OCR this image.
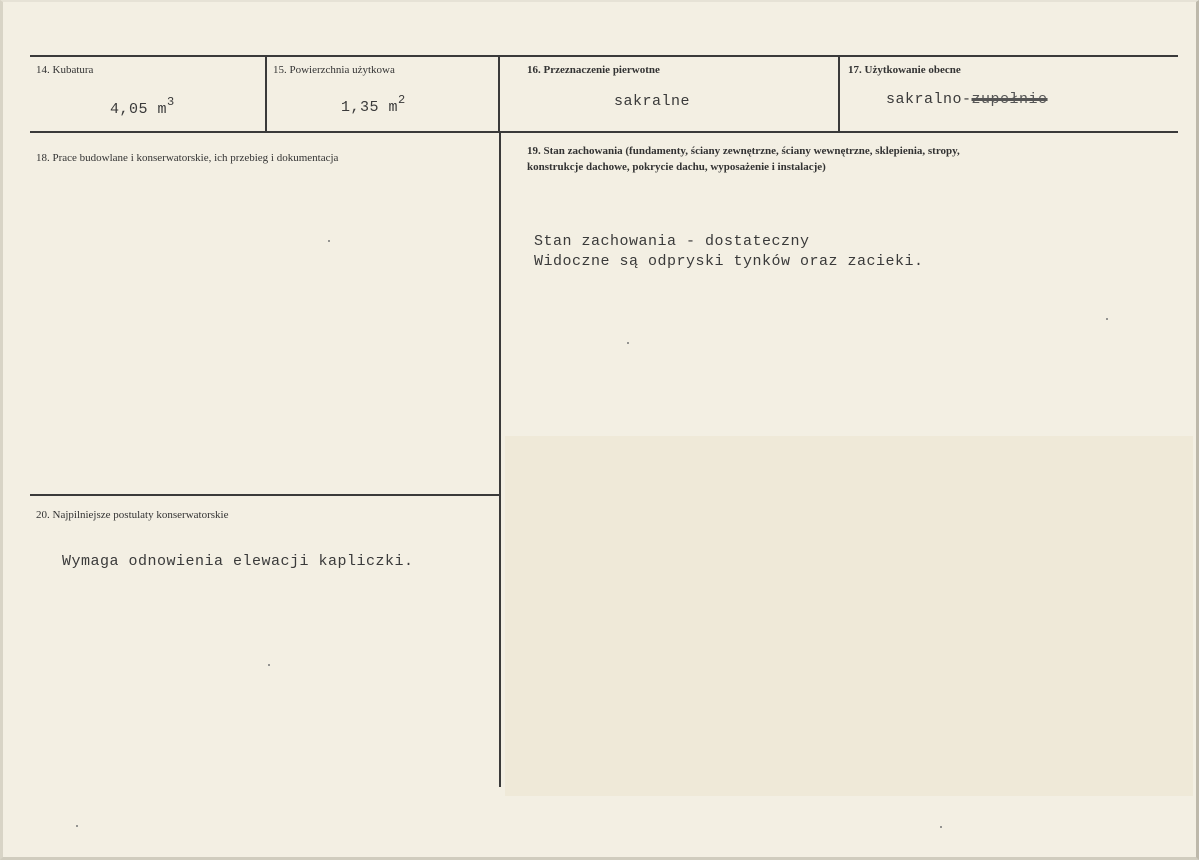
14. Kubatura
4,05 $m^3$
15. Powierzchnia użytkowa
1,35 $m^2$
16. Przeznaczenie pierwotne
sakralne
17. Użytkowanie obecne
sakralno-zupełnie
18. Prace budowlane i konserwatorskie, ich przebieg i dokumentacja
19. Stan zachowania (fundamenty, ściany zewnętrzne, ściany wewnętrzne, sklepienia, stropy,
konstrukcje dachowe, pokrycie dachu, wyposażenie i instalacje)
Stan zachowania - dostateczny
Widoczne są odpryski tynków oraz zacieki.
20. Najpilniejsze postulaty konserwatorskie
Wymaga odnowienia elewacji kapliczki.
